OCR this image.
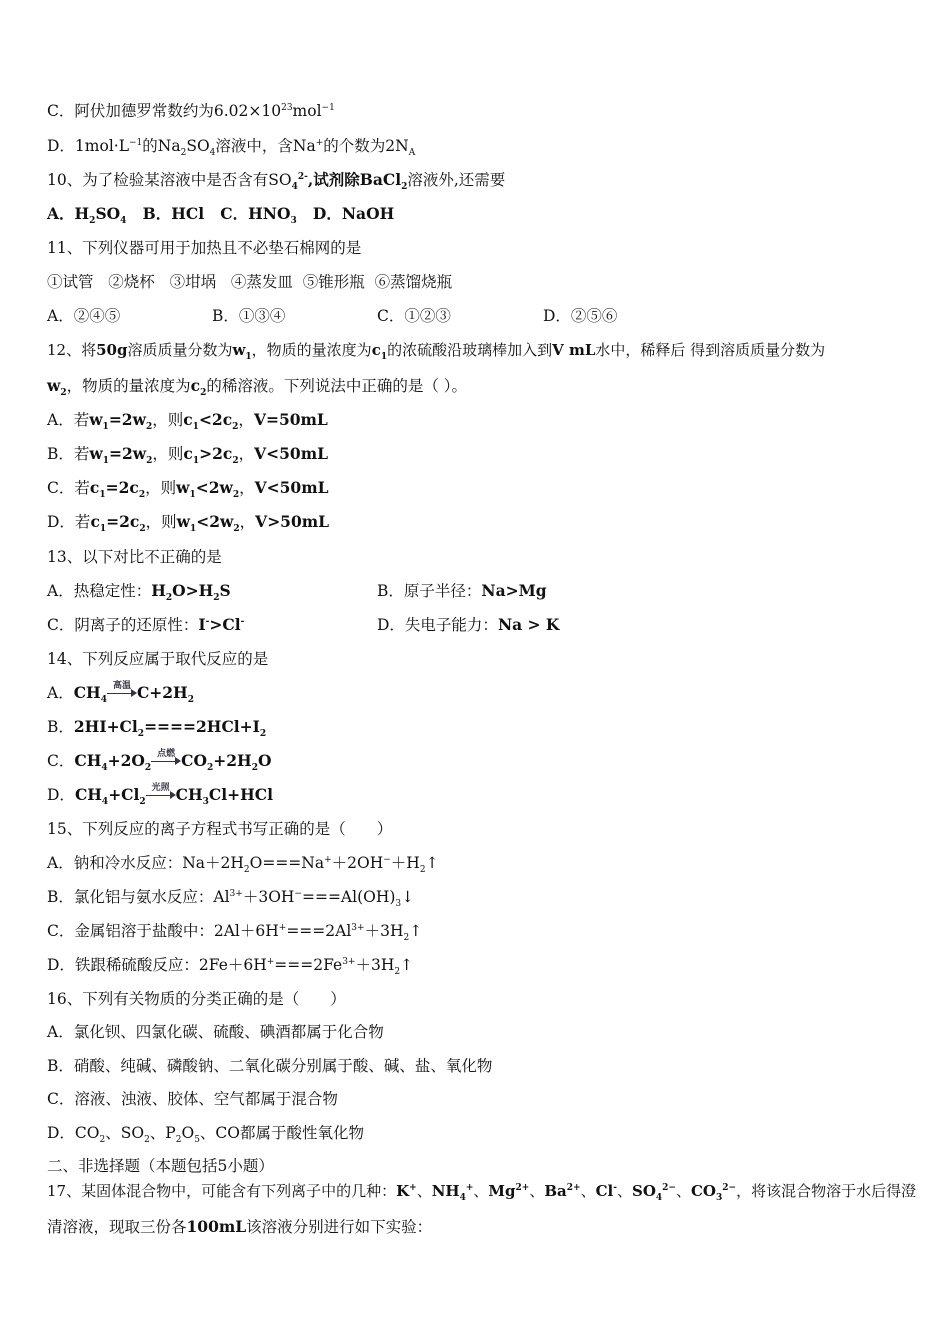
C．阿伏加德罗常数约为$6.02\times 10^{23}mol^{-1}$
D．$1mol\cdot L^{-1}$的$Na_2SO_4$溶液中，含Na+的个数为$2N_A$
10、为了检验某溶液中是否含有$SO_4^{2-}$,试剂除BaCl$_2$溶液外,还需要
A．$H_2SO_4$ B．HCl C．$HNO_3$ D．NaOH
11、下列仪器可用于加热且不必垫石棉网的是
①试管 ②烧杯 ③坩埚 ④蒸发皿 ⑤锥形瓶 ⑥蒸馏烧瓶
A．②④⑤	B．①③④	C．①②③	D．②⑤⑥
12、将50g溶质质量分数为$w_1$，物质的量浓度为$c_1$的浓硫酸沿玻璃棒加入到V mL水中，稀释后 得到溶质质量分数为
$w_2$，物质的量浓度为$c_2$的稀溶液。下列说法中正确的是（ ）。
A．若$w_1=2w_2$，则$c_1<2c_2$，V=50mL
B．若$w_1=2w_2$，则$c_1>2c_2$，V<50mL
C．若$c_1=2c_2$，则$w_1<2w_2$，V<50mL
D．若$c_1=2c_2$，则$w_1<2w_2$，V>50mL
13、以下对比不正确的是
A．热稳定性：$H_2O>H_2S$	B．原子半径：Na>Mg
C．阴离子的还原性：I->Cl-	D．失电子能力：Na > K
14、下列反应属于取代反应的是
A．$CH_4$
高温 $C+2H_2$
B．$2HI+Cl_2====2HCl+I_2$
C．$CH_4+2O_2$
点燃 $CO_2+2H_2O$
D．$CH_4+Cl_2$
光照 $CH_3Cl+HCl$
15、下列反应的离子方程式书写正确的是（　　）
A．钠和冷水反应：$Na+2H_2O===Na^++2OH^-+H_2↑$
B．氯化铝与氨水反应：$Al^{3+}+3OH^-===Al(OH)_3↓$
C．金属铝溶于盐酸中：$2Al+6H^+===2Al^{3+}+3H_2↑$
D．铁跟稀硫酸反应：$2Fe+6H^+===2Fe^{3+}+3H_2↑$
16、下列有关物质的分类正确的是（　　）
A．氯化钡、四氯化碳、硫酸、碘酒都属于化合物
B．硝酸、纯碱、磷酸钠、二氧化碳分别属于酸、碱、盐、氧化物
C．溶液、浊液、胶体、空气都属于混合物
D．$CO_2$、$SO_2$、$P_2O_5$、CO都属于酸性氧化物
二、非选择题（本题包括5小题）
17、某固体混合物中，可能含有下列离子中的几种：K+、$NH_4^+$、$Mg^{2+}$、$Ba^{2+}$、Cl-、$SO_4^{2-}$、$CO_3^{2-}$，将该混合物溶于水后得澄
清溶液，现取三份各100mL该溶液分别进行如下实验：
